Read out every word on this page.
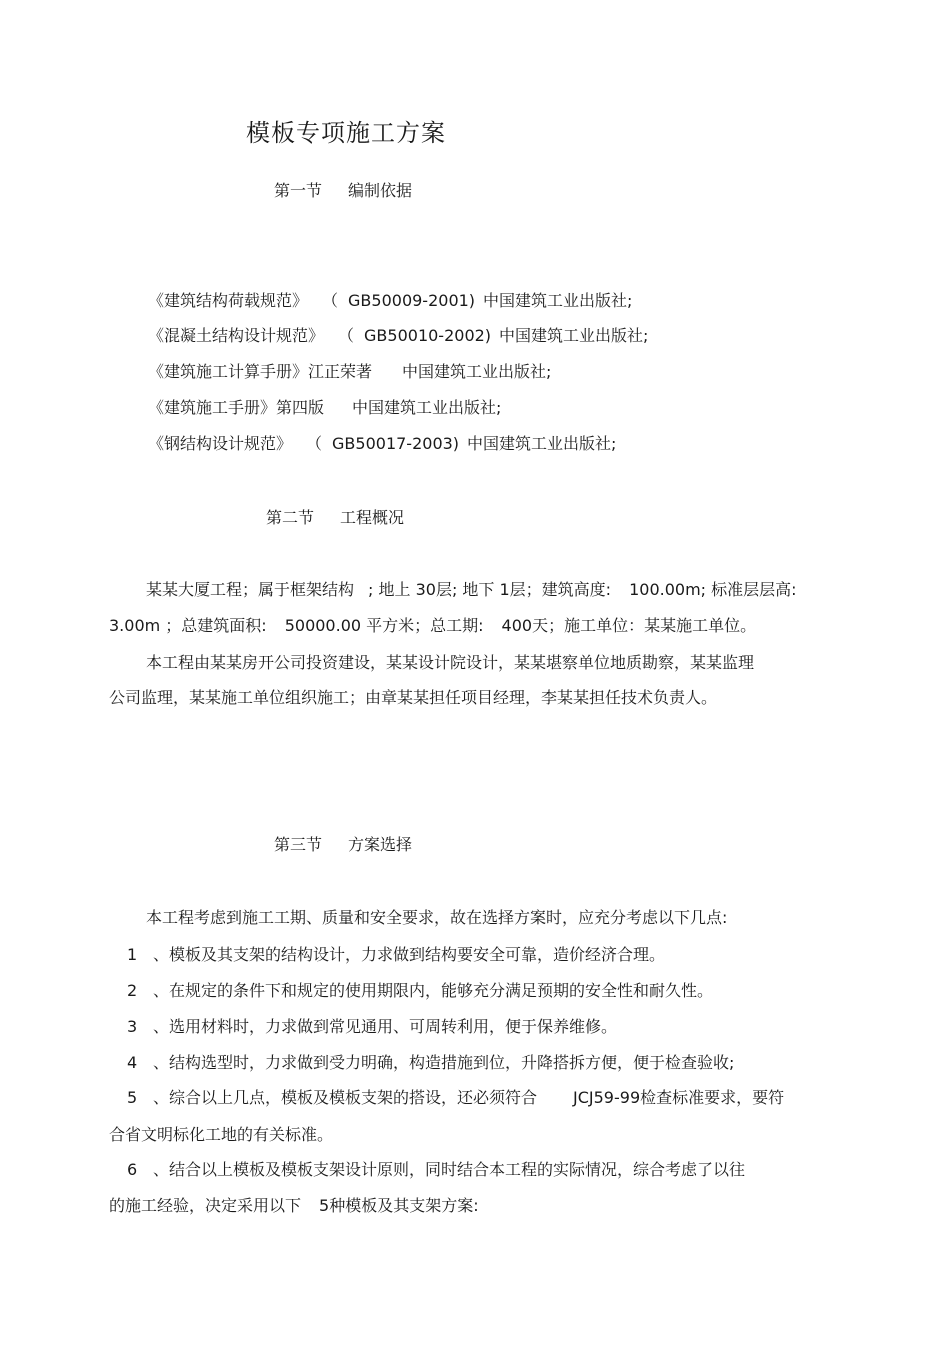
模板专项施工方案
第一节 编制依据
《建筑结构荷载规范》 （ GB50009-2001) 中国建筑工业出版社;
《混凝土结构设计规范》 （ GB50010-2002) 中国建筑工业出版社;
《建筑施工计算手册》江正荣著 中国建筑工业出版社;
《建筑施工手册》第四版 中国建筑工业出版社;
《钢结构设计规范》 （ GB50017-2003) 中国建筑工业出版社;
第二节 工程概况
某某大厦工程；属于框架结构 ; 地上 30层; 地下 1层；建筑高度: 100.00m; 标准层层高:
3.00m ；总建筑面积: 50000.00 平方米；总工期: 400天；施工单位：某某施工单位。
本工程由某某房开公司投资建设，某某设计院设计，某某堪察单位地质勘察，某某监理
公司监理，某某施工单位组织施工；由章某某担任项目经理，李某某担任技术负责人。
第三节 方案选择
本工程考虑到施工工期、质量和安全要求，故在选择方案时，应充分考虑以下几点:
1 、模板及其支架的结构设计，力求做到结构要安全可靠，造价经济合理。
2 、在规定的条件下和规定的使用期限内，能够充分满足预期的安全性和耐久性。
3 、选用材料时，力求做到常见通用、可周转利用，便于保养维修。
4 、结构选型时，力求做到受力明确，构造措施到位，升降搭拆方便，便于检查验收;
5 、综合以上几点，模板及模板支架的搭设，还必须符合 JCJ59-99检查标准要求，要符
合省文明标化工地的有关标准。
6 、结合以上模板及模板支架设计原则，同时结合本工程的实际情况，综合考虑了以往
的施工经验，决定采用以下 5种模板及其支架方案:
